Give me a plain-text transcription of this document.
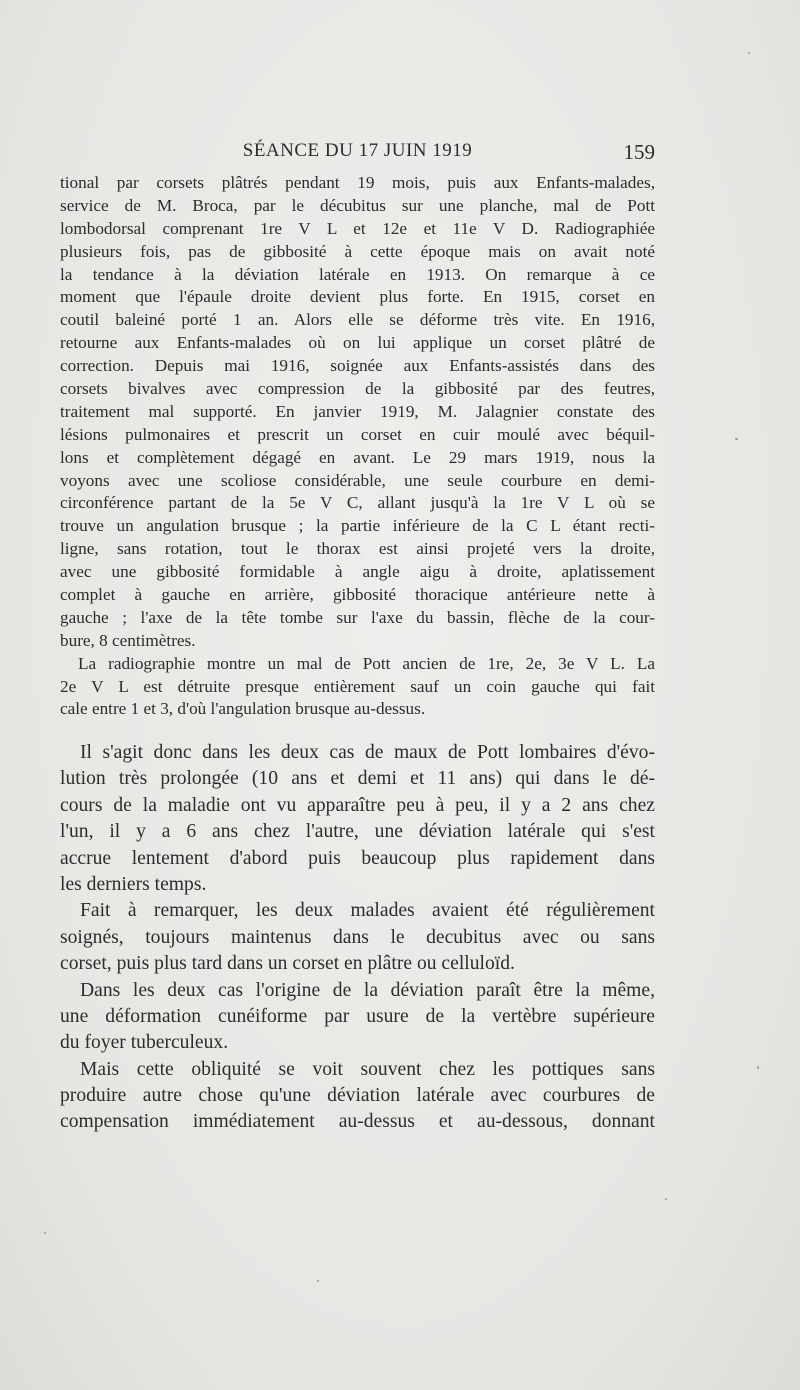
SÉANCE DU 17 JUIN 1919	159
tional par corsets plâtrés pendant 19 mois, puis aux Enfants-malades,
service de M. Broca, par le décubitus sur une planche, mal de Pott
lombodorsal comprenant 1re V L et 12e et 11e V D. Radiographiée
plusieurs fois, pas de gibbosité à cette époque mais on avait noté
la tendance à la déviation latérale en 1913. On remarque à ce
moment que l'épaule droite devient plus forte. En 1915, corset en
coutil baleiné porté 1 an. Alors elle se déforme très vite. En 1916,
retourne aux Enfants-malades où on lui applique un corset plâtré de
correction. Depuis mai 1916, soignée aux Enfants-assistés dans des
corsets bivalves avec compression de la gibbosité par des feutres,
traitement mal supporté. En janvier 1919, M. Jalagnier constate des
lésions pulmonaires et prescrit un corset en cuir moulé avec béquil-
lons et complètement dégagé en avant. Le 29 mars 1919, nous la
voyons avec une scoliose considérable, une seule courbure en demi-
circonférence partant de la 5e V C, allant jusqu'à la 1re V L où se
trouve un angulation brusque ; la partie inférieure de la C L étant recti-
ligne, sans rotation, tout le thorax est ainsi projeté vers la droite,
avec une gibbosité formidable à angle aigu à droite, aplatissement
complet à gauche en arrière, gibbosité thoracique antérieure nette à
gauche ; l'axe de la tête tombe sur l'axe du bassin, flèche de la cour-
bure, 8 centimètres.
La radiographie montre un mal de Pott ancien de 1re, 2e, 3e V L. La
2e V L est détruite presque entièrement sauf un coin gauche qui fait
cale entre 1 et 3, d'où l'angulation brusque au-dessus.
Il s'agit donc dans les deux cas de maux de Pott lombaires d'évo-
lution très prolongée (10 ans et demi et 11 ans) qui dans le dé-
cours de la maladie ont vu apparaître peu à peu, il y a 2 ans chez
l'un, il y a 6 ans chez l'autre, une déviation latérale qui s'est
accrue lentement d'abord puis beaucoup plus rapidement dans
les derniers temps.
Fait à remarquer, les deux malades avaient été régulièrement
soignés, toujours maintenus dans le decubitus avec ou sans
corset, puis plus tard dans un corset en plâtre ou celluloïd.
Dans les deux cas l'origine de la déviation paraît être la même,
une déformation cunéiforme par usure de la vertèbre supérieure
du foyer tuberculeux.
Mais cette obliquité se voit souvent chez les pottiques sans
produire autre chose qu'une déviation latérale avec courbures de
compensation immédiatement au-dessus et au-dessous, donnant
